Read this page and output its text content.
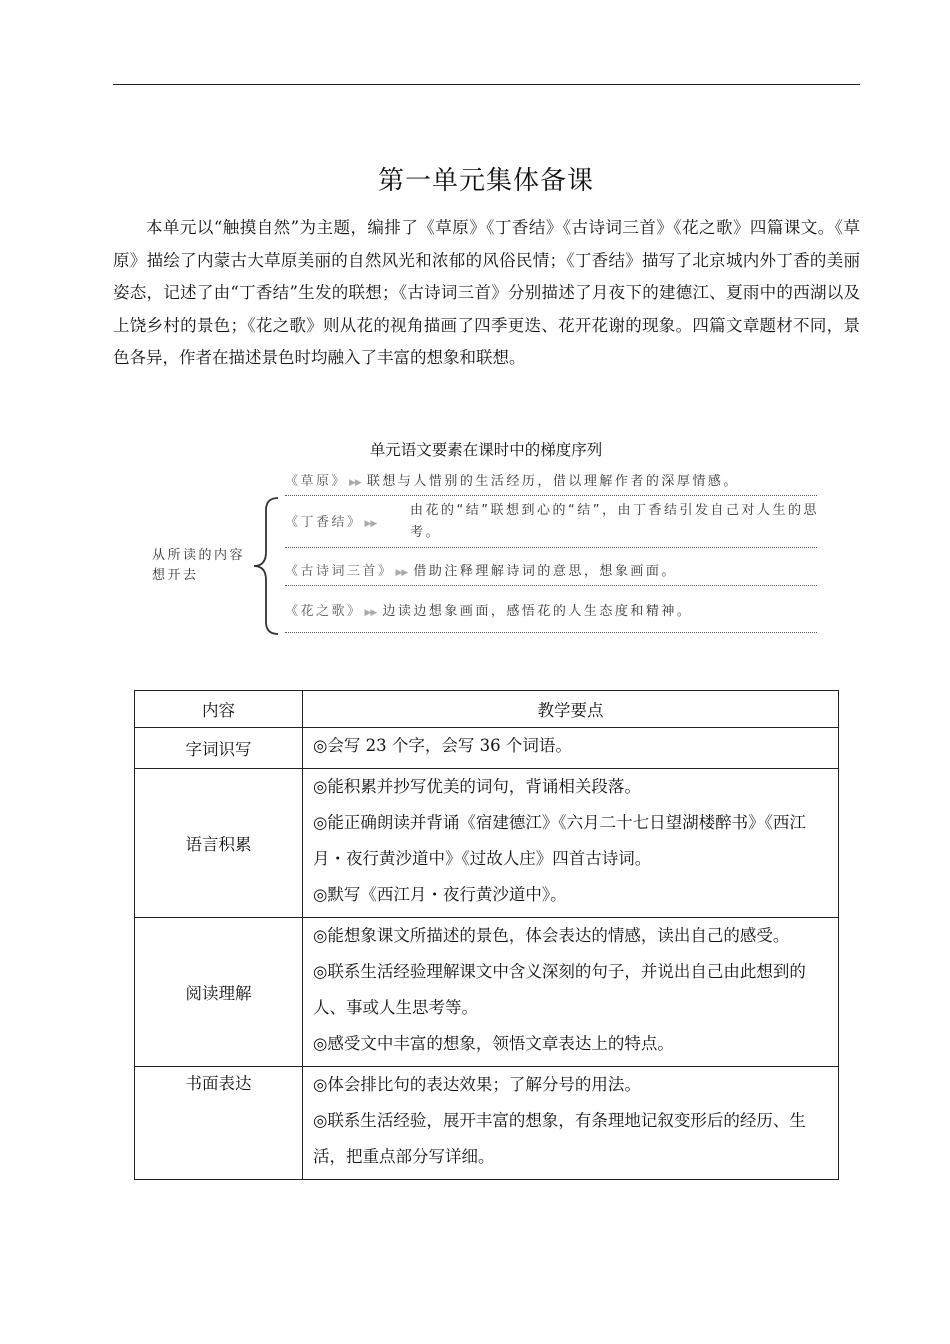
第一单元集体备课
本单元以“触摸自然”为主题，编排了《草原》《丁香结》《古诗词三首》《花之歌》四篇课文。《草原》描绘了内蒙古大草原美丽的自然风光和浓郁的风俗民情；《丁香结》描写了北京城内外丁香的美丽姿态，记述了由“丁香结”生发的联想；《古诗词三首》分别描述了月夜下的建德江、夏雨中的西湖以及上饶乡村的景色；《花之歌》则从花的视角描画了四季更迭、花开花谢的现象。四篇文章题材不同，景色各异，作者在描述景色时均融入了丰富的想象和联想。
单元语文要素在课时中的梯度序列
从所读的内容想开去
《草原》 ▶▶ 联想与人惜别的生活经历，借以理解作者的深厚情感。
《丁香结》 ▶▶
由花的“结”联想到心的“结”，由丁香结引发自己对人生的思考。
《古诗词三首》 ▶▶ 借助注释理解诗词的意思，想象画面。
《花之歌》 ▶▶ 边读边想象画面，感悟花的人生态度和精神。
内容	教学要点
字词识写	◎会写 23 个字，会写 36 个词语。

语言积累	◎能积累并抄写优美的词句，背诵相关段落。

◎能正确朗读并背诵《宿建德江》《六月二十七日望湖楼醉书》《西江月・夜行黄沙道中》《过故人庄》四首古诗词。

◎默写《西江月・夜行黄沙道中》。

阅读理解	◎能想象课文所描述的景色，体会表达的情感，读出自己的感受。

◎联系生活经验理解课文中含义深刻的句子，并说出自己由此想到的人、事或人生思考等。

◎感受文中丰富的想象，领悟文章表达上的特点。

书面表达	◎体会排比句的表达效果；了解分号的用法。

◎联系生活经验，展开丰富的想象，有条理地记叙变形后的经历、生活，把重点部分写详细。
